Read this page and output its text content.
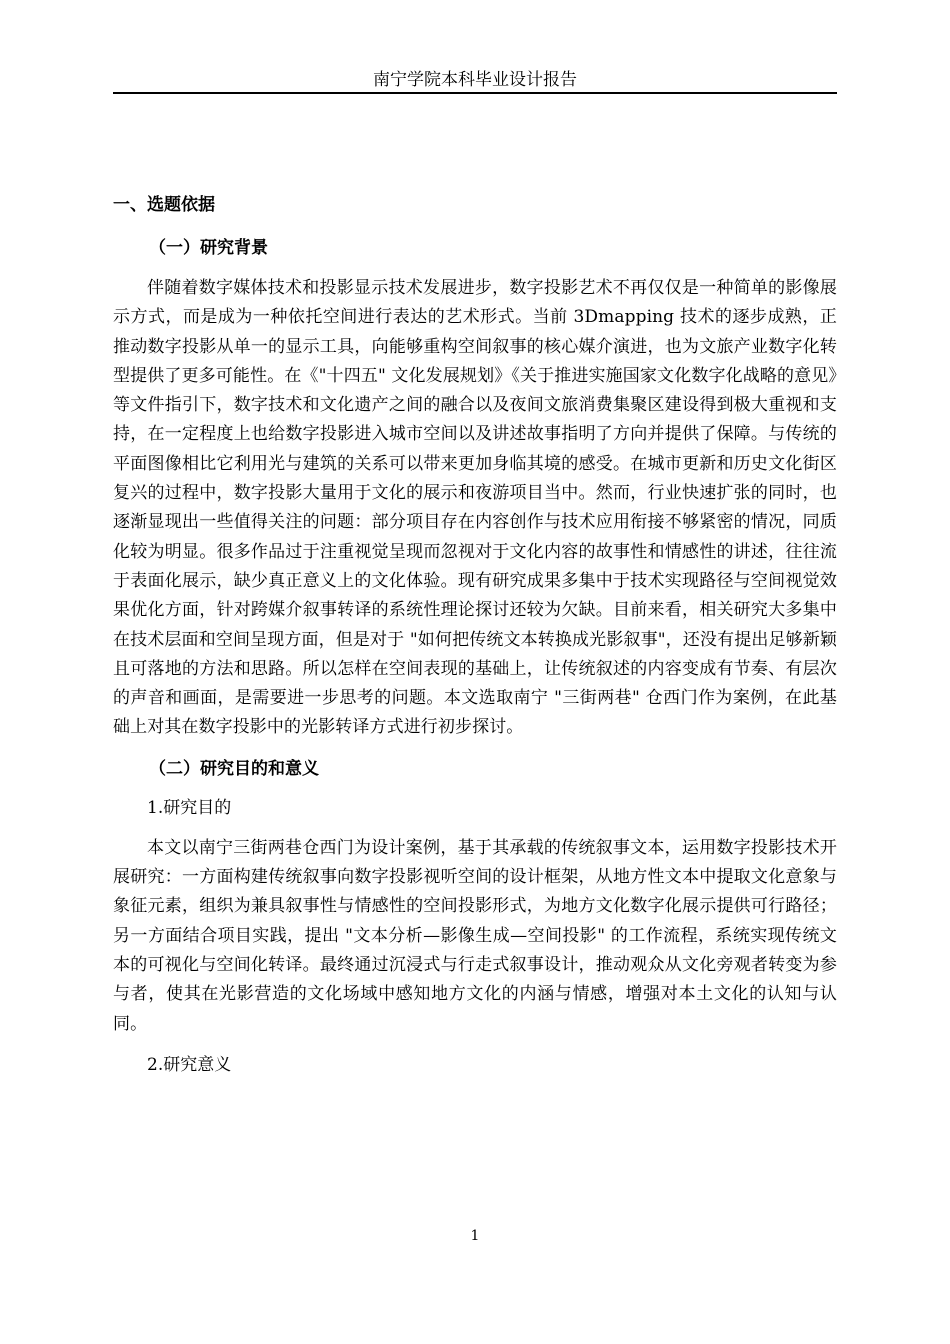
南宁学院本科毕业设计报告
一、选题依据
（一）研究背景

伴随着数字媒体技术和投影显示技术发展进步，数字投影艺术不再仅仅是一种简单的影像展示方式，而是成为一种依托空间进行表达的艺术形式。当前 3Dmapping 技术的逐步成熟，正推动数字投影从单一的显示工具，向能够重构空间叙事的核心媒介演进，也为文旅产业数字化转型提供了更多可能性。在《"十四五" 文化发展规划》《关于推进实施国家文化数字化战略的意见》等文件指引下，数字技术和文化遗产之间的融合以及夜间文旅消费集聚区建设得到极大重视和支持，在一定程度上也给数字投影进入城市空间以及讲述故事指明了方向并提供了保障。与传统的平面图像相比它利用光与建筑的关系可以带来更加身临其境的感受。在城市更新和历史文化街区复兴的过程中，数字投影大量用于文化的展示和夜游项目当中。然而，行业快速扩张的同时，也逐渐显现出一些值得关注的问题：部分项目存在内容创作与技术应用衔接不够紧密的情况，同质化较为明显。很多作品过于注重视觉呈现而忽视对于文化内容的故事性和情感性的讲述，往往流于表面化展示，缺少真正意义上的文化体验。现有研究成果多集中于技术实现路径与空间视觉效果优化方面，针对跨媒介叙事转译的系统性理论探讨还较为欠缺。目前来看，相关研究大多集中在技术层面和空间呈现方面，但是对于 "如何把传统文本转换成光影叙事"，还没有提出足够新颖且可落地的方法和思路。所以怎样在空间表现的基础上，让传统叙述的内容变成有节奏、有层次的声音和画面，是需要进一步思考的问题。本文选取南宁 "三街两巷" 仓西门作为案例，在此基础上对其在数字投影中的光影转译方式进行初步探讨。

（二）研究目的和意义
1.研究目的

本文以南宁三街两巷仓西门为设计案例，基于其承载的传统叙事文本，运用数字投影技术开展研究：一方面构建传统叙事向数字投影视听空间的设计框架，从地方性文本中提取文化意象与象征元素，组织为兼具叙事性与情感性的空间投影形式，为地方文化数字化展示提供可行路径；另一方面结合项目实践，提出 "文本分析—影像生成—空间投影" 的工作流程，系统实现传统文本的可视化与空间化转译。最终通过沉浸式与行走式叙事设计，推动观众从文化旁观者转变为参与者，使其在光影营造的文化场域中感知地方文化的内涵与情感，增强对本土文化的认知与认同。

2.研究意义
1
